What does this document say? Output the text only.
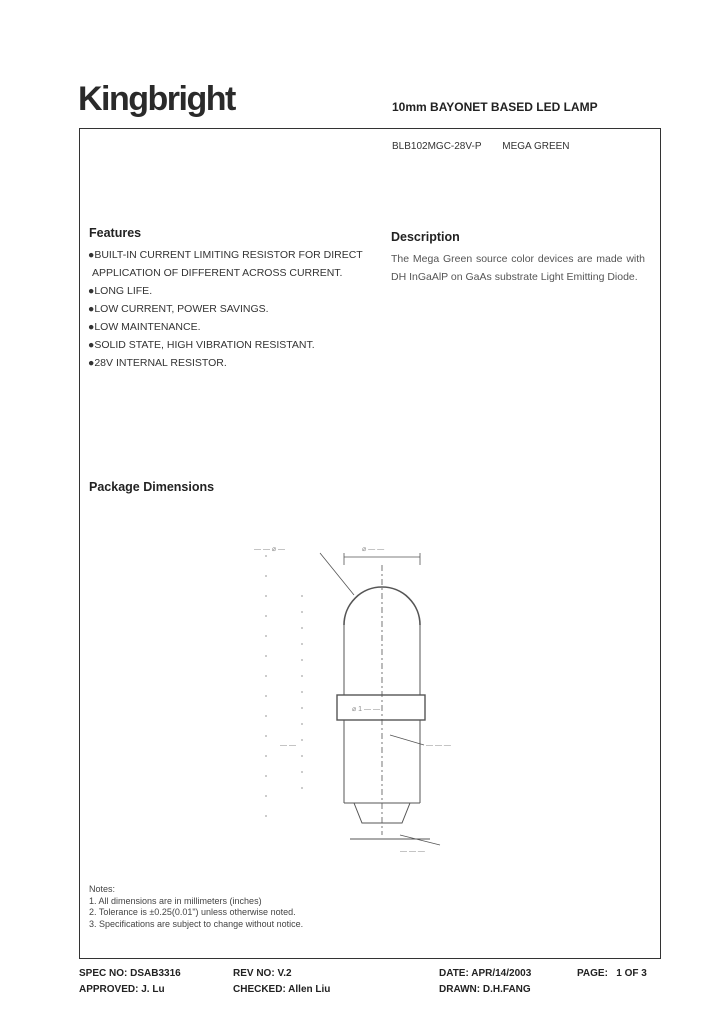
Kingbright	10mm BAYONET BASED LED LAMP
BLB102MGC-28V-P MEGA GREEN
Features
●BUILT-IN CURRENT LIMITING RESISTOR FOR DIRECT
APPLICATION OF DIFFERENT ACROSS CURRENT.
●LONG LIFE.
●LOW CURRENT, POWER SAVINGS.
●LOW MAINTENANCE.
●SOLID STATE, HIGH VIBRATION RESISTANT.
●28V INTERNAL RESISTOR.
Description
The Mega Green source color devices are made with DH InGaAlP on GaAs substrate Light Emitting Diode.
Package Dimensions
— — ⌀ —	⌀ — —
⌀ 1 — —
— —	— — —
— — —
Notes:
1. All dimensions are in millimeters (inches)
2. Tolerance is ±0.25(0.01") unless otherwise noted.
3. Specifications are subject to change without notice.
SPEC NO: DSAB3316	REV NO: V.2	DATE: APR/14/2003	PAGE:   1 OF 3
APPROVED: J. Lu	CHECKED: Allen Liu	DRAWN: D.H.FANG
